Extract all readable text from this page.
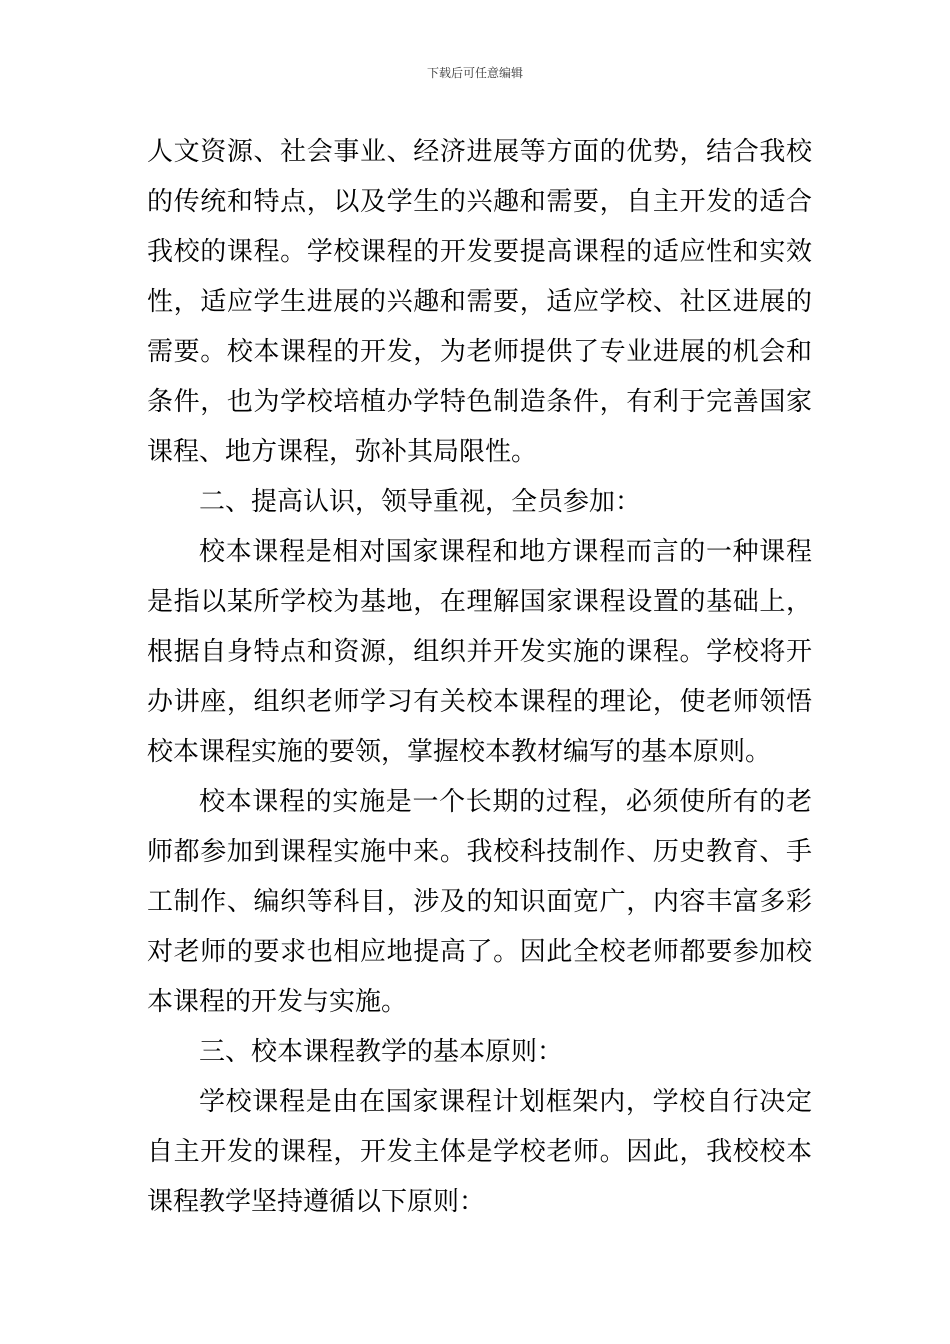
下载后可任意编辑

人文资源、社会事业、经济进展等方面的优势，结合我校的传统和特点，以及学生的兴趣和需要，自主开发的适合我校的课程。学校课程的开发要提高课程的适应性和实效性，适应学生进展的兴趣和需要，适应学校、社区进展的需要。校本课程的开发，为老师提供了专业进展的机会和条件，也为学校培植办学特色制造条件，有利于完善国家课程、地方课程，弥补其局限性。

二、提高认识，领导重视，全员参加：

校本课程是相对国家课程和地方课程而言的一种课程是指以某所学校为基地，在理解国家课程设置的基础上，根据自身特点和资源，组织并开发实施的课程。学校将开办讲座，组织老师学习有关校本课程的理论，使老师领悟校本课程实施的要领，掌握校本教材编写的基本原则。

校本课程的实施是一个长期的过程，必须使所有的老师都参加到课程实施中来。我校科技制作、历史教育、手工制作、编织等科目，涉及的知识面宽广，内容丰富多彩对老师的要求也相应地提高了。因此全校老师都要参加校本课程的开发与实施。

三、校本课程教学的基本原则：

学校课程是由在国家课程计划框架内，学校自行决定自主开发的课程，开发主体是学校老师。因此，我校校本课程教学坚持遵循以下原则：
